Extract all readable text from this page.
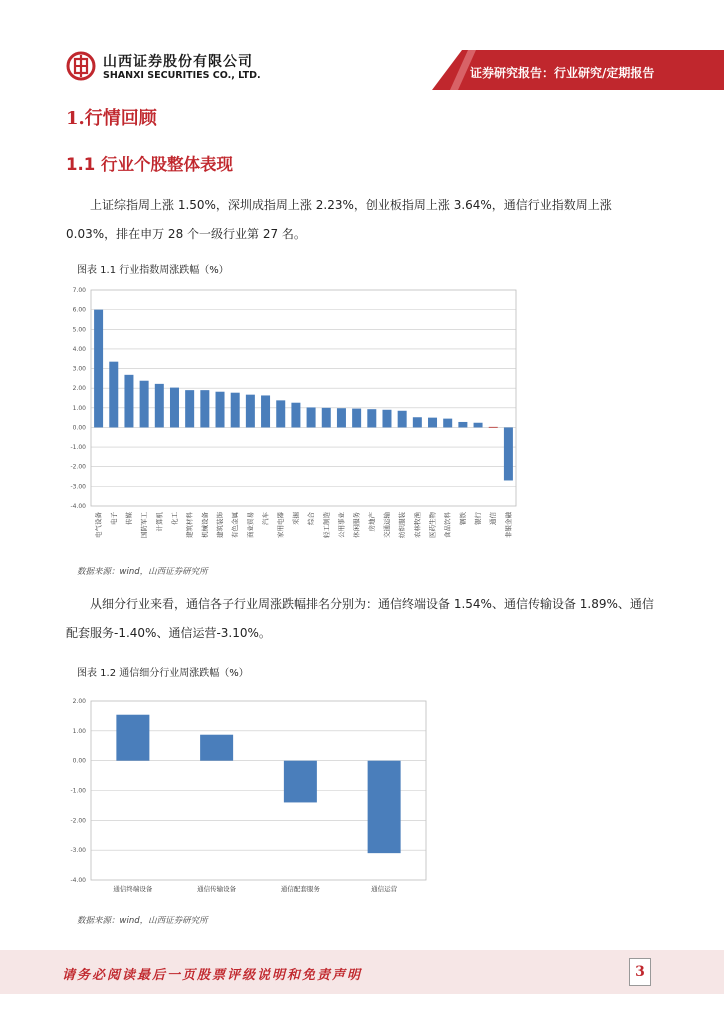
山西证券股份有限公司
SHANXI SECURITIES CO., LTD.	证券研究报告：行业研究/定期报告
1.行情回顾
1.1 行业个股整体表现
上证综指周上涨 1.50%，深圳成指周上涨 2.23%，创业板指周上涨 3.64%，通信行业指数周上涨 0.03%，排在申万 28 个一级行业第 27 名。
图表 1.1 行业指数周涨跌幅（%）
7.00
6.00
5.00
4.00
3.00
2.00
1.00
0.00
-1.00
-2.00
-3.00
-4.00
电气设备 电子 传媒 国防军工 计算机 化工 建筑材料 机械设备 建筑装饰 有色金属 商业贸易 汽车 家用电器 采掘 综合 轻工制造 公用事业 休闲服务 房地产 交通运输 纺织服装 农林牧渔 医药生物 食品饮料 钢铁 银行 通信 非银金融
数据来源：wind，山西证券研究所
从细分行业来看，通信各子行业周涨跌幅排名分别为：通信终端设备 1.54%、通信传输设备 1.89%、通信配套服务-1.40%、通信运营-3.10%。
图表 1.2 通信细分行业周涨跌幅（%）
2.00
1.00
0.00
-1.00
-2.00
-3.00
-4.00
通信终端设备	通信传输设备	通信配套服务	通信运营
数据来源：wind，山西证券研究所
请务必阅读最后一页股票评级说明和免责声明	3
